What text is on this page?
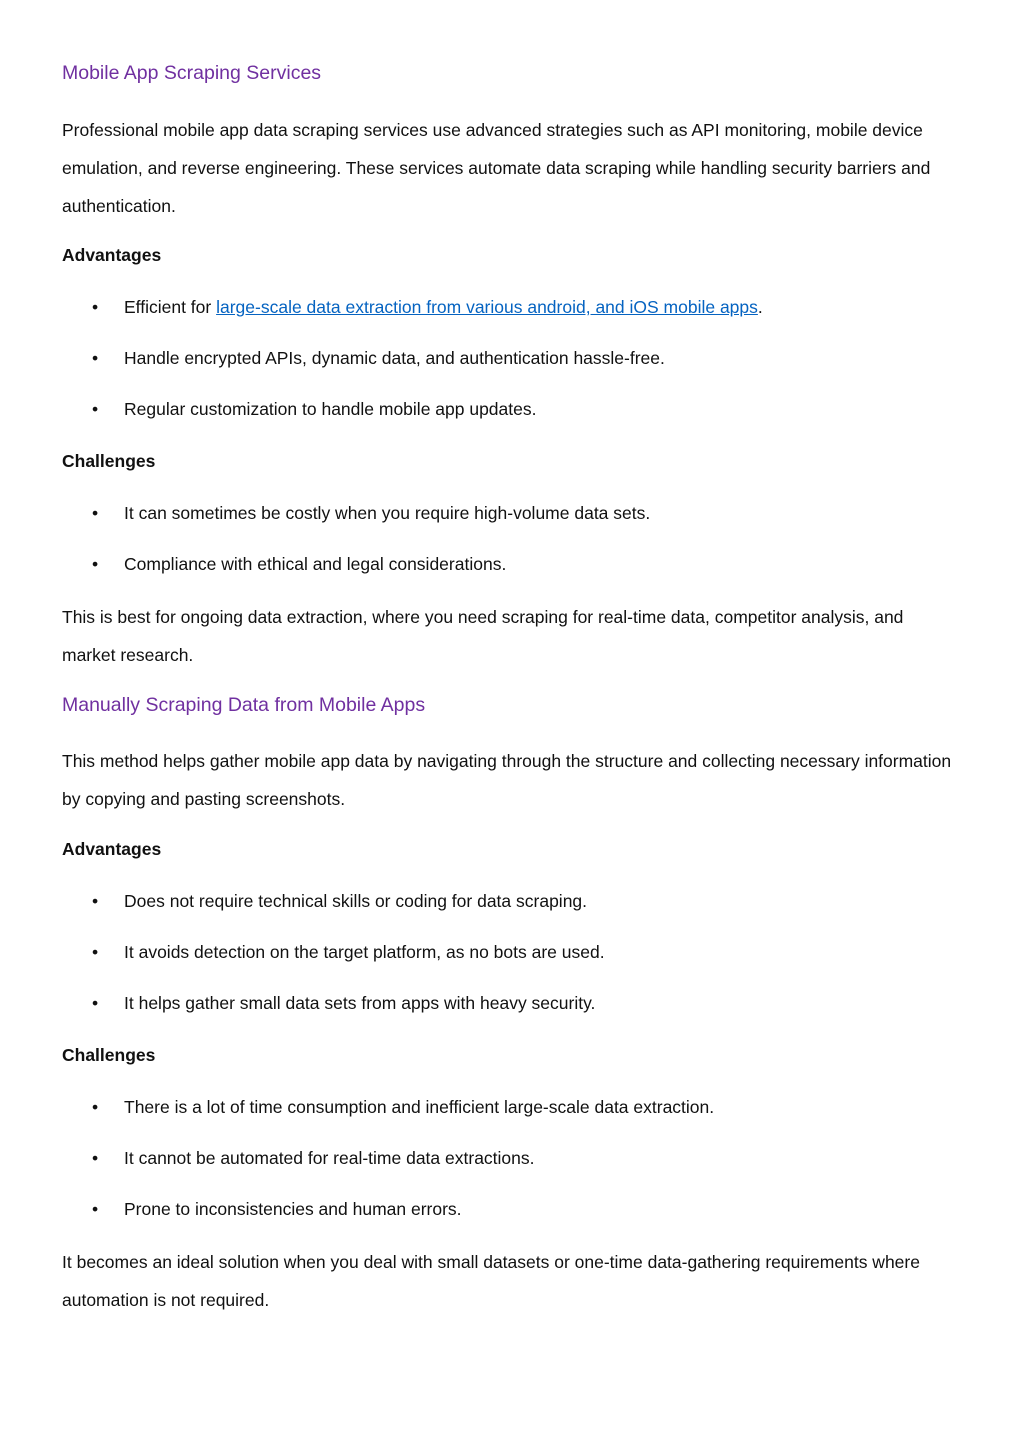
Mobile App Scraping Services

Professional mobile app data scraping services use advanced strategies such as API monitoring, mobile device emulation, and reverse engineering. These services automate data scraping while handling security barriers and authentication.

Advantages

• Efficient for large-scale data extraction from various android, and iOS mobile apps.
• Handle encrypted APIs, dynamic data, and authentication hassle-free.
• Regular customization to handle mobile app updates.

Challenges

• It can sometimes be costly when you require high-volume data sets.
• Compliance with ethical and legal considerations.

This is best for ongoing data extraction, where you need scraping for real-time data, competitor analysis, and market research.

Manually Scraping Data from Mobile Apps

This method helps gather mobile app data by navigating through the structure and collecting necessary information by copying and pasting screenshots.

Advantages

• Does not require technical skills or coding for data scraping.
• It avoids detection on the target platform, as no bots are used.
• It helps gather small data sets from apps with heavy security.

Challenges

• There is a lot of time consumption and inefficient large-scale data extraction.
• It cannot be automated for real-time data extractions.
• Prone to inconsistencies and human errors.

It becomes an ideal solution when you deal with small datasets or one-time data-gathering requirements where automation is not required.
